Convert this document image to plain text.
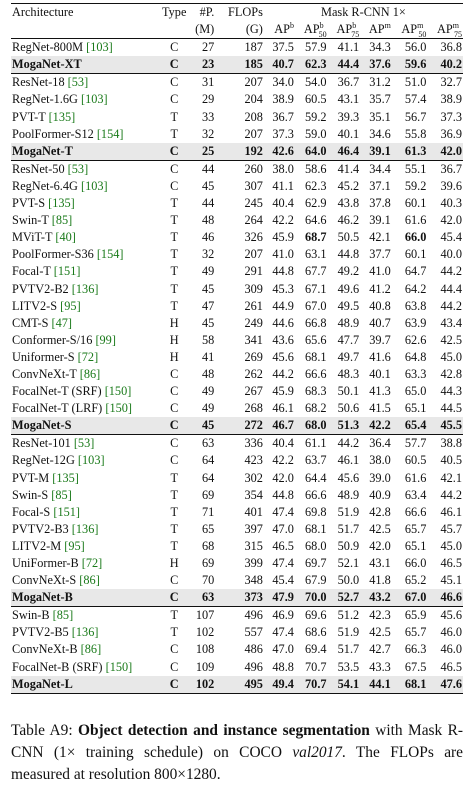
Architecture	Type	#P.	FLOPs	Mask R-CNN 1×					
		(M)	(G)	$AP^b$	$AP^b_{50}$	$AP^b_{75}$	$AP^m$	$AP^m_{50}$	$AP^m_{75}$
RegNet-800M [103]	C	27	187	37.5	57.9	41.1	34.3	56.0	36.8
MogaNet-XT	C	23	185	40.7	62.3	44.4	37.6	59.6	40.2
ResNet-18 [53]	C	31	207	34.0	54.0	36.7	31.2	51.0	32.7
RegNet-1.6G [103]	C	29	204	38.9	60.5	43.1	35.7	57.4	38.9
PVT-T [135]	T	33	208	36.7	59.2	39.3	35.1	56.7	37.3
PoolFormer-S12 [154]	T	32	207	37.3	59.0	40.1	34.6	55.8	36.9
MogaNet-T	C	25	192	42.6	64.0	46.4	39.1	61.3	42.0
ResNet-50 [53]	C	44	260	38.0	58.6	41.4	34.4	55.1	36.7
RegNet-6.4G [103]	C	45	307	41.1	62.3	45.2	37.1	59.2	39.6
PVT-S [135]	T	44	245	40.4	62.9	43.8	37.8	60.1	40.3
Swin-T [85]	T	48	264	42.2	64.6	46.2	39.1	61.6	42.0
MViT-T [40]	T	46	326	45.9	68.7	50.5	42.1	66.0	45.4
PoolFormer-S36 [154]	T	32	207	41.0	63.1	44.8	37.7	60.1	40.0
Focal-T [151]	T	49	291	44.8	67.7	49.2	41.0	64.7	44.2
PVTV2-B2 [136]	T	45	309	45.3	67.1	49.6	41.2	64.2	44.4
LITV2-S [95]	T	47	261	44.9	67.0	49.5	40.8	63.8	44.2
CMT-S [47]	H	45	249	44.6	66.8	48.9	40.7	63.9	43.4
Conformer-S/16 [99]	H	58	341	43.6	65.6	47.7	39.7	62.6	42.5
Uniformer-S [72]	H	41	269	45.6	68.1	49.7	41.6	64.8	45.0
ConvNeXt-T [86]	C	48	262	44.2	66.6	48.3	40.1	63.3	42.8
FocalNet-T (SRF) [150]	C	49	267	45.9	68.3	50.1	41.3	65.0	44.3
FocalNet-T (LRF) [150]	C	49	268	46.1	68.2	50.6	41.5	65.1	44.5
MogaNet-S	C	45	272	46.7	68.0	51.3	42.2	65.4	45.5
ResNet-101 [53]	C	63	336	40.4	61.1	44.2	36.4	57.7	38.8
RegNet-12G [103]	C	64	423	42.2	63.7	46.1	38.0	60.5	40.5
PVT-M [135]	T	64	302	42.0	64.4	45.6	39.0	61.6	42.1
Swin-S [85]	T	69	354	44.8	66.6	48.9	40.9	63.4	44.2
Focal-S [151]	T	71	401	47.4	69.8	51.9	42.8	66.6	46.1
PVTV2-B3 [136]	T	65	397	47.0	68.1	51.7	42.5	65.7	45.7
LITV2-M [95]	T	68	315	46.5	68.0	50.9	42.0	65.1	45.0
UniFormer-B [72]	H	69	399	47.4	69.7	52.1	43.1	66.0	46.5
ConvNeXt-S [86]	C	70	348	45.4	67.9	50.0	41.8	65.2	45.1
MogaNet-B	C	63	373	47.9	70.0	52.7	43.2	67.0	46.6
Swin-B [85]	T	107	496	46.9	69.6	51.2	42.3	65.9	45.6
PVTV2-B5 [136]	T	102	557	47.4	68.6	51.9	42.5	65.7	46.0
ConvNeXt-B [86]	C	108	486	47.0	69.4	51.7	42.7	66.3	46.0
FocalNet-B (SRF) [150]	C	109	496	48.8	70.7	53.5	43.3	67.5	46.5
MogaNet-L	C	102	495	49.4	70.7	54.1	44.1	68.1	47.6
Table A9: Object detection and instance segmentation with Mask R-CNN (1× training schedule) on COCO val2017. The FLOPs are measured at resolution 800×1280.
